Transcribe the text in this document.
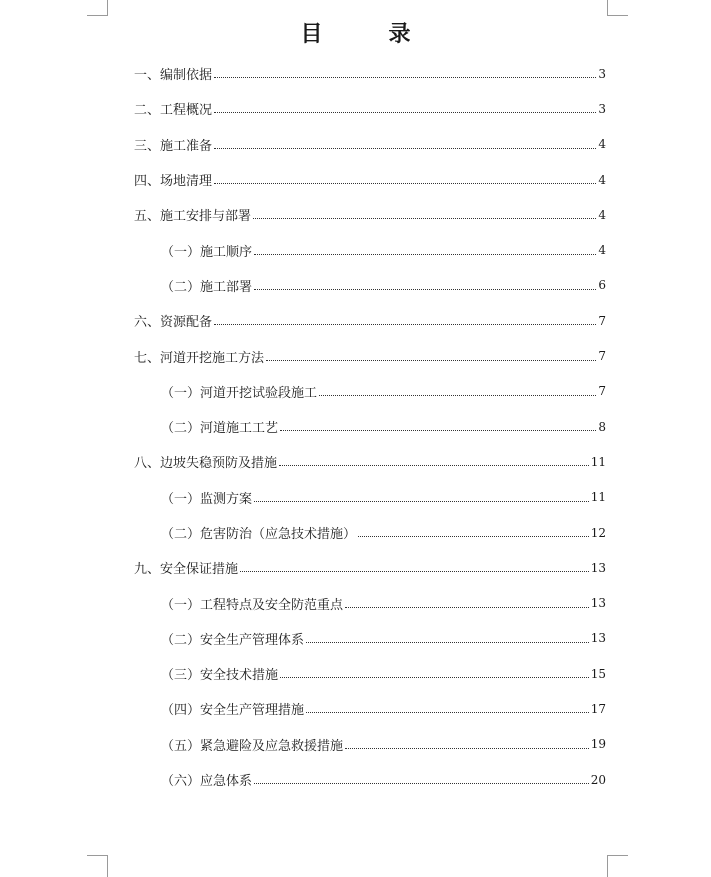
目　录
一、编制依据	3
二、工程概况	3
三、施工准备	4
四、场地清理	4
五、施工安排与部署	4
（一）施工顺序	4
（二）施工部署	6
六、资源配备	7
七、河道开挖施工方法	7
（一）河道开挖试验段施工	7
（二）河道施工工艺	8
八、边坡失稳预防及措施	11
（一）监测方案	11
（二）危害防治（应急技术措施）	12
九、安全保证措施	13
（一）工程特点及安全防范重点	13
（二）安全生产管理体系	13
（三）安全技术措施	15
（四）安全生产管理措施	17
（五）紧急避险及应急救援措施	19
（六）应急体系	20
